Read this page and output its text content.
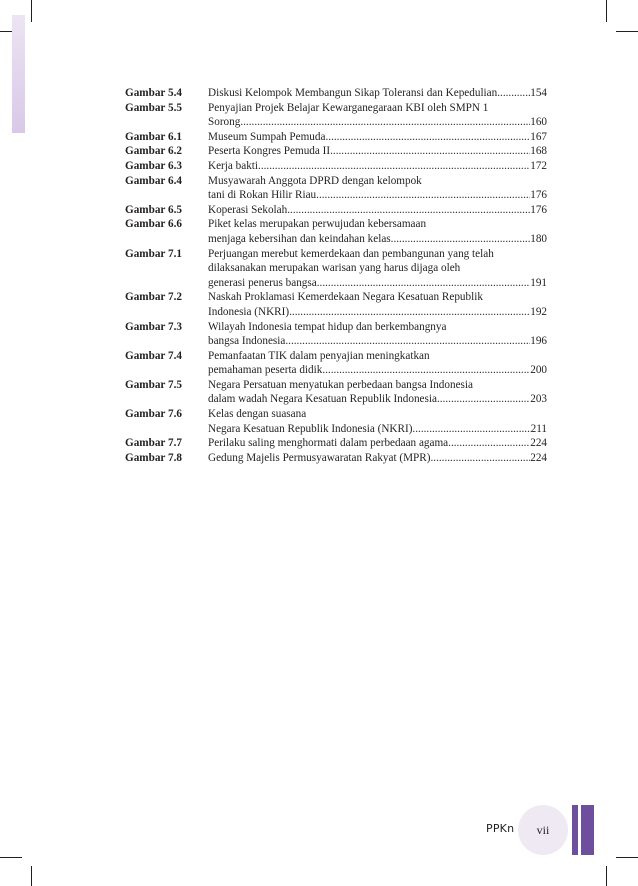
Gambar 5.4	Diskusi Kelompok Membangun Sikap Toleransi dan Kepedulian .....	154
Gambar 5.5	Penyajian Projek Belajar Kewarganegaraan KBI oleh SMPN 1
Sorong .....	160
Gambar 6.1	Museum Sumpah Pemuda .....	167
Gambar 6.2	Peserta Kongres Pemuda II .....	168
Gambar 6.3	Kerja bakti .....	172
Gambar 6.4	Musyawarah Anggota DPRD dengan kelompok
tani di Rokan Hilir Riau .....	176
Gambar 6.5	Koperasi Sekolah .....	176
Gambar 6.6	Piket kelas merupakan perwujudan kebersamaan
menjaga kebersihan dan keindahan kelas .....	180
Gambar 7.1	Perjuangan merebut kemerdekaan dan pembangunan yang telah
dilaksanakan merupakan warisan yang harus dijaga oleh
generasi penerus bangsa .....	191
Gambar 7.2	Naskah Proklamasi Kemerdekaan Negara Kesatuan Republik
Indonesia (NKRI) .....	192
Gambar 7.3	Wilayah Indonesia tempat hidup dan berkembangnya
bangsa Indonesia .....	196
Gambar 7.4	Pemanfaatan TIK dalam penyajian meningkatkan
pemahaman peserta didik .....	200
Gambar 7.5	Negara Persatuan menyatukan perbedaan bangsa Indonesia
dalam wadah Negara Kesatuan Republik Indonesia .....	203
Gambar 7.6	Kelas dengan suasana
Negara Kesatuan Republik Indonesia (NKRI) .....	211
Gambar 7.7	Perilaku saling menghormati dalam perbedaan agama .....	224
Gambar 7.8	Gedung Majelis Permusyawaratan Rakyat (MPR) .....	224
PPKn vii
